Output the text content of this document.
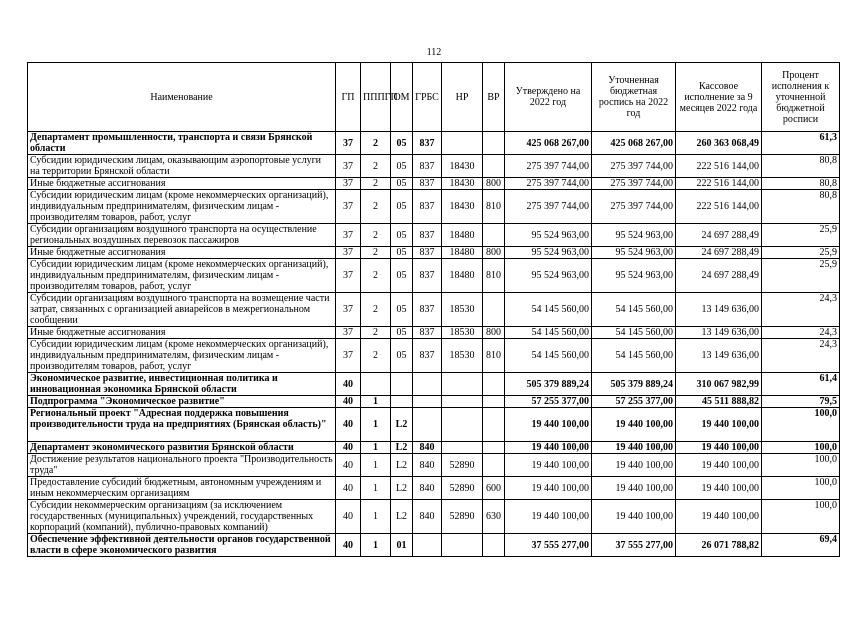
112
Наименование	ГП	ПППГП	ОМ	ГРБС	НР	ВР	Утверждено на 2022 год	Уточненная бюджетная роспись на 2022 год	Кассовое исполнение за 9 месяцев 2022 года	Процент исполнения к уточненной бюджетной росписи
Департамент промышленности, транспорта и связи Брянской области	37	2	05	837			425 068 267,00	425 068 267,00	260 363 068,49	61,3
Субсидии юридическим лицам, оказывающим аэропортовые услуги на территории Брянской области	37	2	05	837	18430		275 397 744,00	275 397 744,00	222 516 144,00	80,8
Иные бюджетные ассигнования	37	2	05	837	18430	800	275 397 744,00	275 397 744,00	222 516 144,00	80,8
Субсидии юридическим лицам (кроме некоммерческих организаций), индивидуальным предпринимателям, физическим лицам - производителям товаров, работ, услуг	37	2	05	837	18430	810	275 397 744,00	275 397 744,00	222 516 144,00	80,8
Субсидии организациям воздушного транспорта на осуществление региональных воздушных перевозок пассажиров	37	2	05	837	18480		95 524 963,00	95 524 963,00	24 697 288,49	25,9
Иные бюджетные ассигнования	37	2	05	837	18480	800	95 524 963,00	95 524 963,00	24 697 288,49	25,9
Субсидии юридическим лицам (кроме некоммерческих организаций), индивидуальным предпринимателям, физическим лицам - производителям товаров, работ, услуг	37	2	05	837	18480	810	95 524 963,00	95 524 963,00	24 697 288,49	25,9
Субсидии организациям воздушного транспорта на возмещение части затрат, связанных с организацией авиарейсов в межрегиональном сообщении	37	2	05	837	18530		54 145 560,00	54 145 560,00	13 149 636,00	24,3
Иные бюджетные ассигнования	37	2	05	837	18530	800	54 145 560,00	54 145 560,00	13 149 636,00	24,3
Субсидии юридическим лицам (кроме некоммерческих организаций), индивидуальным предпринимателям, физическим лицам - производителям товаров, работ, услуг	37	2	05	837	18530	810	54 145 560,00	54 145 560,00	13 149 636,00	24,3
Экономическое развитие, инвестиционная политика и инновационная экономика Брянской области	40						505 379 889,24	505 379 889,24	310 067 982,99	61,4
Подпрограмма "Экономическое развитие"	40	1					57 255 377,00	57 255 377,00	45 511 888,82	79,5
Региональный проект "Адресная поддержка повышения производительности труда на предприятиях (Брянская область)"	40	1	L2				19 440 100,00	19 440 100,00	19 440 100,00	100,0
Департамент экономического развития Брянской области	40	1	L2	840			19 440 100,00	19 440 100,00	19 440 100,00	100,0
Достижение результатов национального проекта "Производительность труда"	40	1	L2	840	52890		19 440 100,00	19 440 100,00	19 440 100,00	100,0
Предоставление субсидий бюджетным, автономным учреждениям и иным некоммерческим организациям	40	1	L2	840	52890	600	19 440 100,00	19 440 100,00	19 440 100,00	100,0
Субсидии некоммерческим организациям (за исключением государственных (муниципальных) учреждений, государственных корпораций (компаний), публично-правовых компаний)	40	1	L2	840	52890	630	19 440 100,00	19 440 100,00	19 440 100,00	100,0
Обеспечение эффективной деятельности органов государственной власти в сфере экономического развития	40	1	01				37 555 277,00	37 555 277,00	26 071 788,82	69,4
